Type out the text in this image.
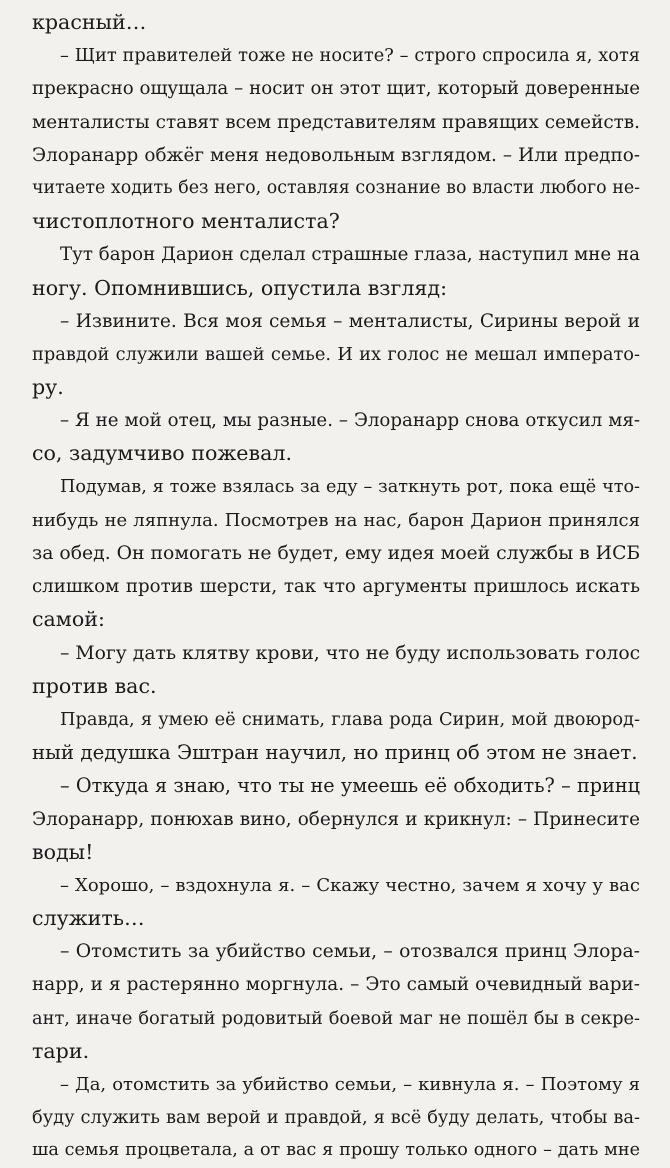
красный…
– Щит правителей тоже не носите? – строго спросила я, хотя
прекрасно ощущала – носит он этот щит, который доверенные
менталисты ставят всем представителям правящих семейств.
Элоранарр обжёг меня недовольным взглядом. – Или предпо-
читаете ходить без него, оставляя сознание во власти любого не-
чистоплотного менталиста?
Тут барон Дарион сделал страшные глаза, наступил мне на
ногу. Опомнившись, опустила взгляд:
– Извините. Вся моя семья – менталисты, Сирины верой и
правдой служили вашей семье. И их голос не мешал императо-
ру.
– Я не мой отец, мы разные. – Элоранарр снова откусил мя-
со, задумчиво пожевал.
Подумав, я тоже взялась за еду – заткнуть рот, пока ещё что-
нибудь не ляпнула. Посмотрев на нас, барон Дарион принялся
за обед. Он помогать не будет, ему идея моей службы в ИСБ
слишком против шерсти, так что аргументы пришлось искать
самой:
– Могу дать клятву крови, что не буду использовать голос
против вас.
Правда, я умею её снимать, глава рода Сирин, мой двоюрод-
ный дедушка Эштран научил, но принц об этом не знает.
– Откуда я знаю, что ты не умеешь её обходить? – принц
Элоранарр, понюхав вино, обернулся и крикнул: – Принесите
воды!
– Хорошо, – вздохнула я. – Скажу честно, зачем я хочу у вас
служить…
– Отомстить за убийство семьи, – отозвался принц Элора-
нарр, и я растерянно моргнула. – Это самый очевидный вари-
ант, иначе богатый родовитый боевой маг не пошёл бы в секре-
тари.
– Да, отомстить за убийство семьи, – кивнула я. – Поэтому я
буду служить вам верой и правдой, я всё буду делать, чтобы ва-
ша семья процветала, а от вас я прошу только одного – дать мне
